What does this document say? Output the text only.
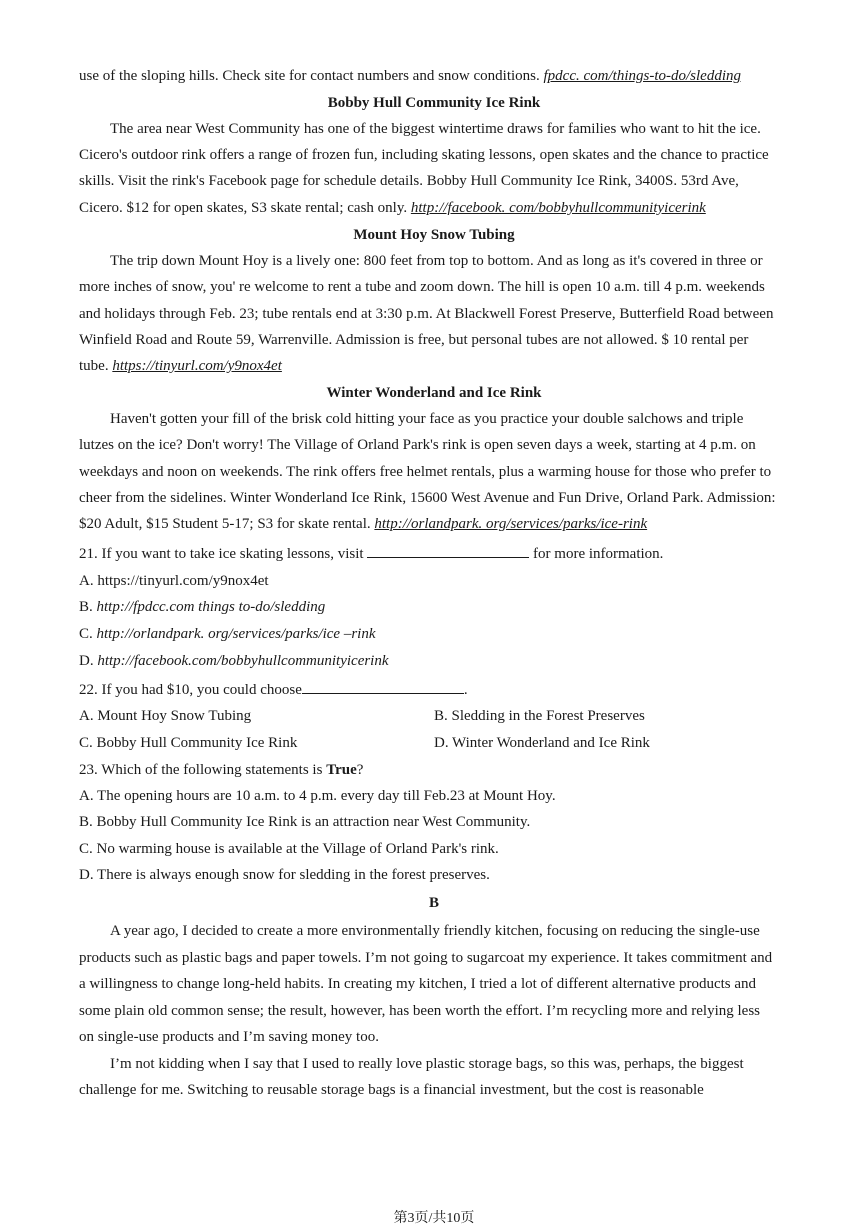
use of the sloping hills. Check site for contact numbers and snow conditions. fpdcc. com/things-to-do/sledding
Bobby Hull Community Ice Rink
The area near West Community has one of the biggest wintertime draws for families who want to hit the ice.
Cicero's outdoor rink offers a range of frozen fun, including skating lessons, open skates and the chance to practice
skills. Visit the rink's Facebook page for schedule details. Bobby Hull Community Ice Rink, 3400S. 53rd Ave,
Cicero. $12 for open skates, S3 skate rental; cash only. http://facebook. com/bobbyhullcommunityicerink
Mount Hoy Snow Tubing
The trip down Mount Hoy is a lively one: 800 feet from top to bottom. And as long as it's covered in three or
more inches of snow, you' re welcome to rent a tube and zoom down. The hill is open 10 a.m. till 4 p.m. weekends
and holidays through Feb. 23; tube rentals end at 3:30 p.m. At Blackwell Forest Preserve, Butterfield Road between
Winfield Road and Route 59, Warrenville. Admission is free, but personal tubes are not allowed. $ 10 rental per
tube. https://tinyurl.com/y9nox4et
Winter Wonderland and Ice Rink
Haven't gotten your fill of the brisk cold hitting your face as you practice your double salchows and triple
lutzes on the ice? Don't worry! The Village of Orland Park's rink is open seven days a week, starting at 4 p.m. on
weekdays and noon on weekends. The rink offers free helmet rentals, plus a warming house for those who prefer to
cheer from the sidelines. Winter Wonderland Ice Rink, 15600 West Avenue and Fun Drive, Orland Park. Admission:
$20 Adult, $15 Student 5-17; S3 for skate rental. http://orlandpark. org/services/parks/ice-rink
21. If you want to take ice skating lessons, visit	for more information.
A. https://tinyurl.com/y9nox4et
B. http://fpdcc.com things to-do/sledding
C. http://orlandpark. org/services/parks/ice –rink
D. http://facebook.com/bobbyhullcommunityicerink
22. If you had $10, you could choose	.
A. Mount Hoy Snow Tubing	B. Sledding in the Forest Preserves
C. Bobby Hull Community Ice Rink	D. Winter Wonderland and Ice Rink
23. Which of the following statements is True?
A. The opening hours are 10 a.m. to 4 p.m. every day till Feb.23 at Mount Hoy.
B. Bobby Hull Community Ice Rink is an attraction near West Community.
C. No warming house is available at the Village of Orland Park's rink.
D. There is always enough snow for sledding in the forest preserves.
B
A year ago, I decided to create a more environmentally friendly kitchen, focusing on reducing the single-use
products such as plastic bags and paper towels. I’m not going to sugarcoat my experience. It takes commitment and
a willingness to change long-held habits. In creating my kitchen, I tried a lot of different alternative products and
some plain old common sense; the result, however, has been worth the effort. I’m recycling more and relying less
on single-use products and I’m saving money too.
I’m not kidding when I say that I used to really love plastic storage bags, so this was, perhaps, the biggest
challenge for me. Switching to reusable storage bags is a financial investment, but the cost is reasonable
第3页/共10页
